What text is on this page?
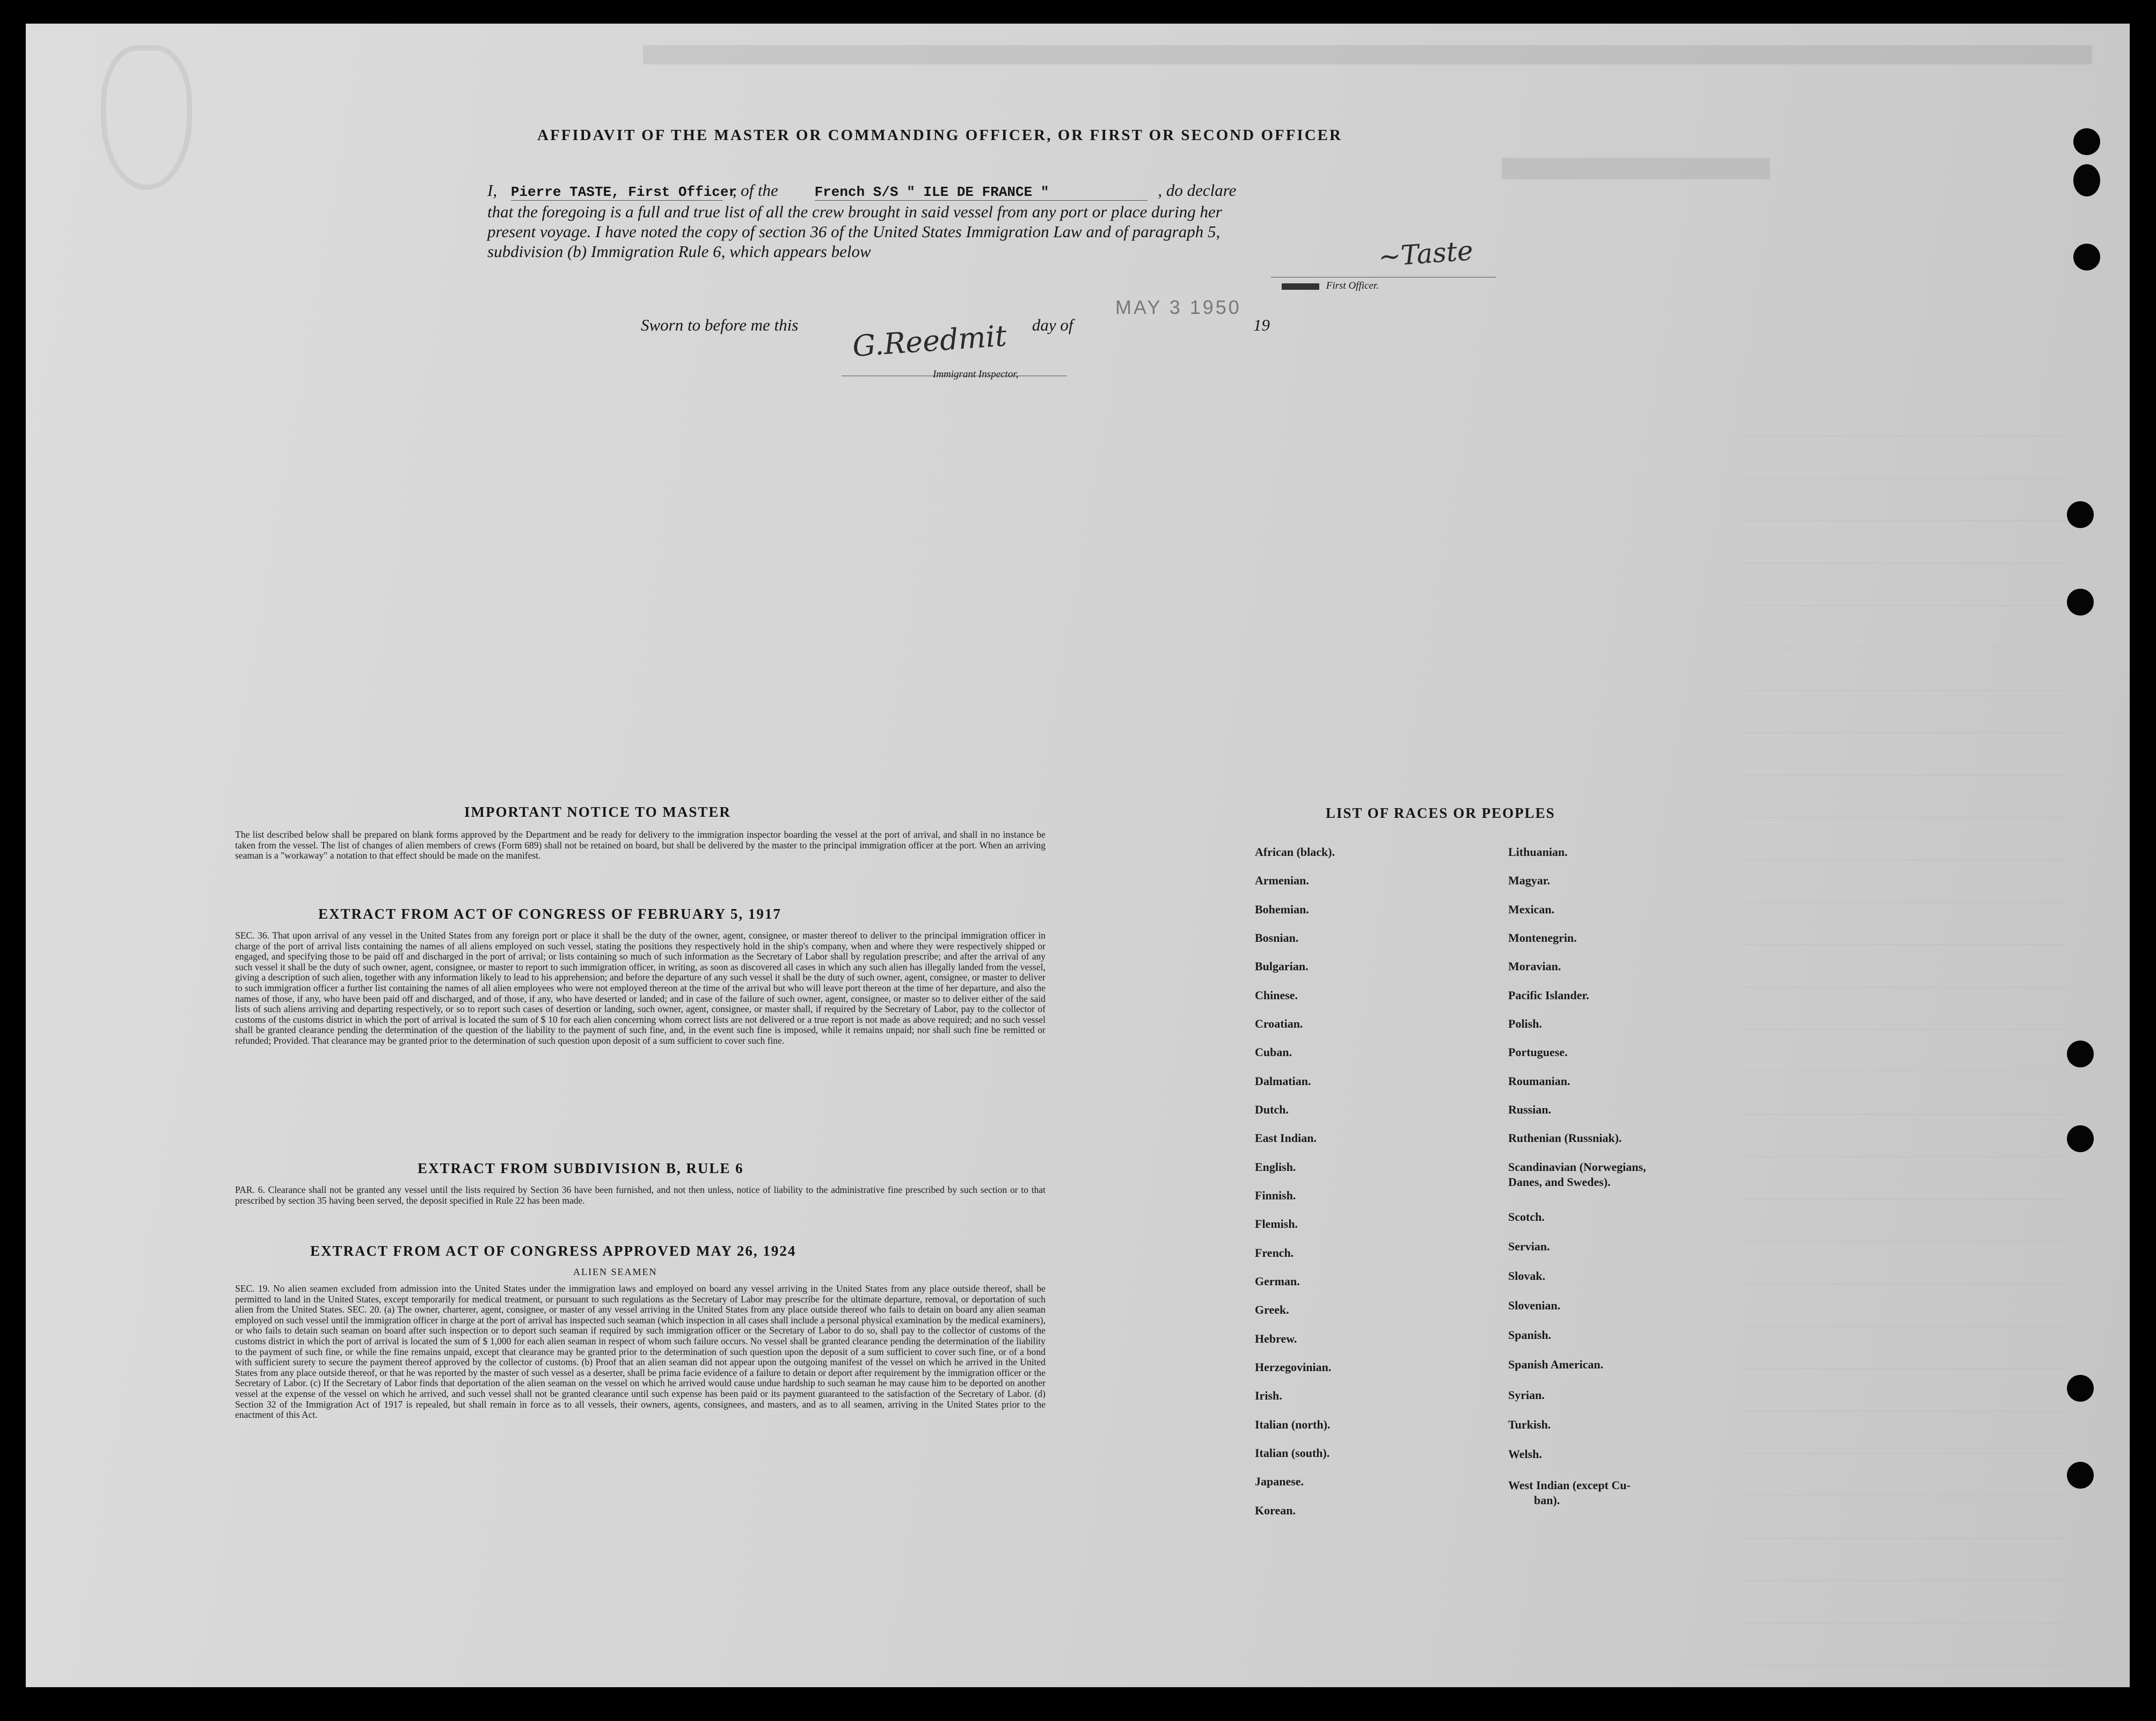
AFFIDAVIT OF THE MASTER OR COMMANDING OFFICER, OR FIRST OR SECOND OFFICER
I, Pierre TASTE, First Officer , of the	French S/S " ILE DE FRANCE "	, do declare
that the foregoing is a full and true list of all the crew brought in said vessel from any port or place during her
present voyage. I have noted the copy of section 36 of the United States Immigration Law and of paragraph 5,
subdivision (b) Immigration Rule 6, which appears below	~Taste
First Officer.
Sworn to before me this	day of	19
MAY 3 1950
G.Reedmit
Immigrant Inspector,
IMPORTANT NOTICE TO MASTER
The list described below shall be prepared on blank forms approved by the Department and be ready for delivery to the immigration inspector boarding the vessel at the port of arrival, and shall in no instance be taken from the vessel. The list of changes of alien members of crews (Form 689) shall not be retained on board, but shall be delivered by the master to the principal immigration officer at the port. When an arriving seaman is a "workaway" a notation to that effect should be made on the manifest.
EXTRACT FROM ACT OF CONGRESS OF FEBRUARY 5, 1917
SEC. 36. That upon arrival of any vessel in the United States from any foreign port or place it shall be the duty of the owner, agent, consignee, or master thereof to deliver to the principal immigration officer in charge of the port of arrival lists containing the names of all aliens employed on such vessel, stating the positions they respectively hold in the ship's company, when and where they were respectively shipped or engaged, and specifying those to be paid off and discharged in the port of arrival; or lists containing so much of such information as the Secretary of Labor shall by regulation prescribe; and after the arrival of any such vessel it shall be the duty of such owner, agent, consignee, or master to report to such immigration officer, in writing, as soon as discovered all cases in which any such alien has illegally landed from the vessel, giving a description of such alien, together with any information likely to lead to his apprehension; and before the departure of any such vessel it shall be the duty of such owner, agent, consignee, or master to deliver to such immigration officer a further list containing the names of all alien employees who were not employed thereon at the time of the arrival but who will leave port thereon at the time of her departure, and also the names of those, if any, who have been paid off and discharged, and of those, if any, who have deserted or landed; and in case of the failure of such owner, agent, consignee, or master so to deliver either of the said lists of such aliens arriving and departing respectively, or so to report such cases of desertion or landing, such owner, agent, consignee, or master shall, if required by the Secretary of Labor, pay to the collector of customs of the customs district in which the port of arrival is located the sum of $ 10 for each alien concerning whom correct lists are not delivered or a true report is not made as above required; and no such vessel shall be granted clearance pending the determination of the question of the liability to the payment of such fine, and, in the event such fine is imposed, while it remains unpaid; nor shall such fine be remitted or refunded; Provided. That clearance may be granted prior to the determination of such question upon deposit of a sum sufficient to cover such fine.
EXTRACT FROM SUBDIVISION B, RULE 6
PAR. 6. Clearance shall not be granted any vessel until the lists required by Section 36 have been furnished, and not then unless, notice of liability to the administrative fine prescribed by such section or to that prescribed by section 35 having been served, the deposit specified in Rule 22 has been made.
EXTRACT FROM ACT OF CONGRESS APPROVED MAY 26, 1924
ALIEN SEAMEN
SEC. 19. No alien seamen excluded from admission into the United States under the immigration laws and employed on board any vessel arriving in the United States from any place outside thereof, shall be permitted to land in the United States, except temporarily for medical treatment, or pursuant to such regulations as the Secretary of Labor may prescribe for the ultimate departure, removal, or deportation of such alien from the United States. SEC. 20. (a) The owner, charterer, agent, consignee, or master of any vessel arriving in the United States from any place outside thereof who fails to detain on board any alien seaman employed on such vessel until the immigration officer in charge at the port of arrival has inspected such seaman (which inspection in all cases shall include a personal physical examination by the medical examiners), or who fails to detain such seaman on board after such inspection or to deport such seaman if required by such immigration officer or the Secretary of Labor to do so, shall pay to the collector of customs of the customs district in which the port of arrival is located the sum of $ 1,000 for each alien seaman in respect of whom such failure occurs. No vessel shall be granted clearance pending the determination of the liability to the payment of such fine, or while the fine remains unpaid, except that clearance may be granted prior to the determination of such question upon the deposit of a sum sufficient to cover such fine, or of a bond with sufficient surety to secure the payment thereof approved by the collector of customs. (b) Proof that an alien seaman did not appear upon the outgoing manifest of the vessel on which he arrived in the United States from any place outside thereof, or that he was reported by the master of such vessel as a deserter, shall be prima facie evidence of a failure to detain or deport after requirement by the immigration officer or the Secretary of Labor. (c) If the Secretary of Labor finds that deportation of the alien seaman on the vessel on which he arrived would cause undue hardship to such seaman he may cause him to be deported on another vessel at the expense of the vessel on which he arrived, and such vessel shall not be granted clearance until such expense has been paid or its payment guaranteed to the satisfaction of the Secretary of Labor. (d) Section 32 of the Immigration Act of 1917 is repealed, but shall remain in force as to all vessels, their owners, agents, consignees, and masters, and as to all seamen, arriving in the United States prior to the enactment of this Act.
LIST OF RACES OR PEOPLES
African (black).
Armenian.
Bohemian.
Bosnian.
Bulgarian.
Chinese.
Croatian.
Cuban.
Dalmatian.
Dutch.
East Indian.
English.
Finnish.
Flemish.
French.
German.
Greek.
Hebrew.
Herzegovinian.
Irish.
Italian (north).
Italian (south).
Japanese.
Korean.
Lithuanian.
Magyar.
Mexican.
Montenegrin.
Moravian.
Pacific Islander.
Polish.
Portuguese.
Roumanian.
Russian.
Ruthenian (Russniak).
Scandinavian (Norwegians,
Danes, and Swedes).
Scotch.
Servian.
Slovak.
Slovenian.
Spanish.
Spanish American.
Syrian.
Turkish.
Welsh.
West Indian (except Cu-
ban).
